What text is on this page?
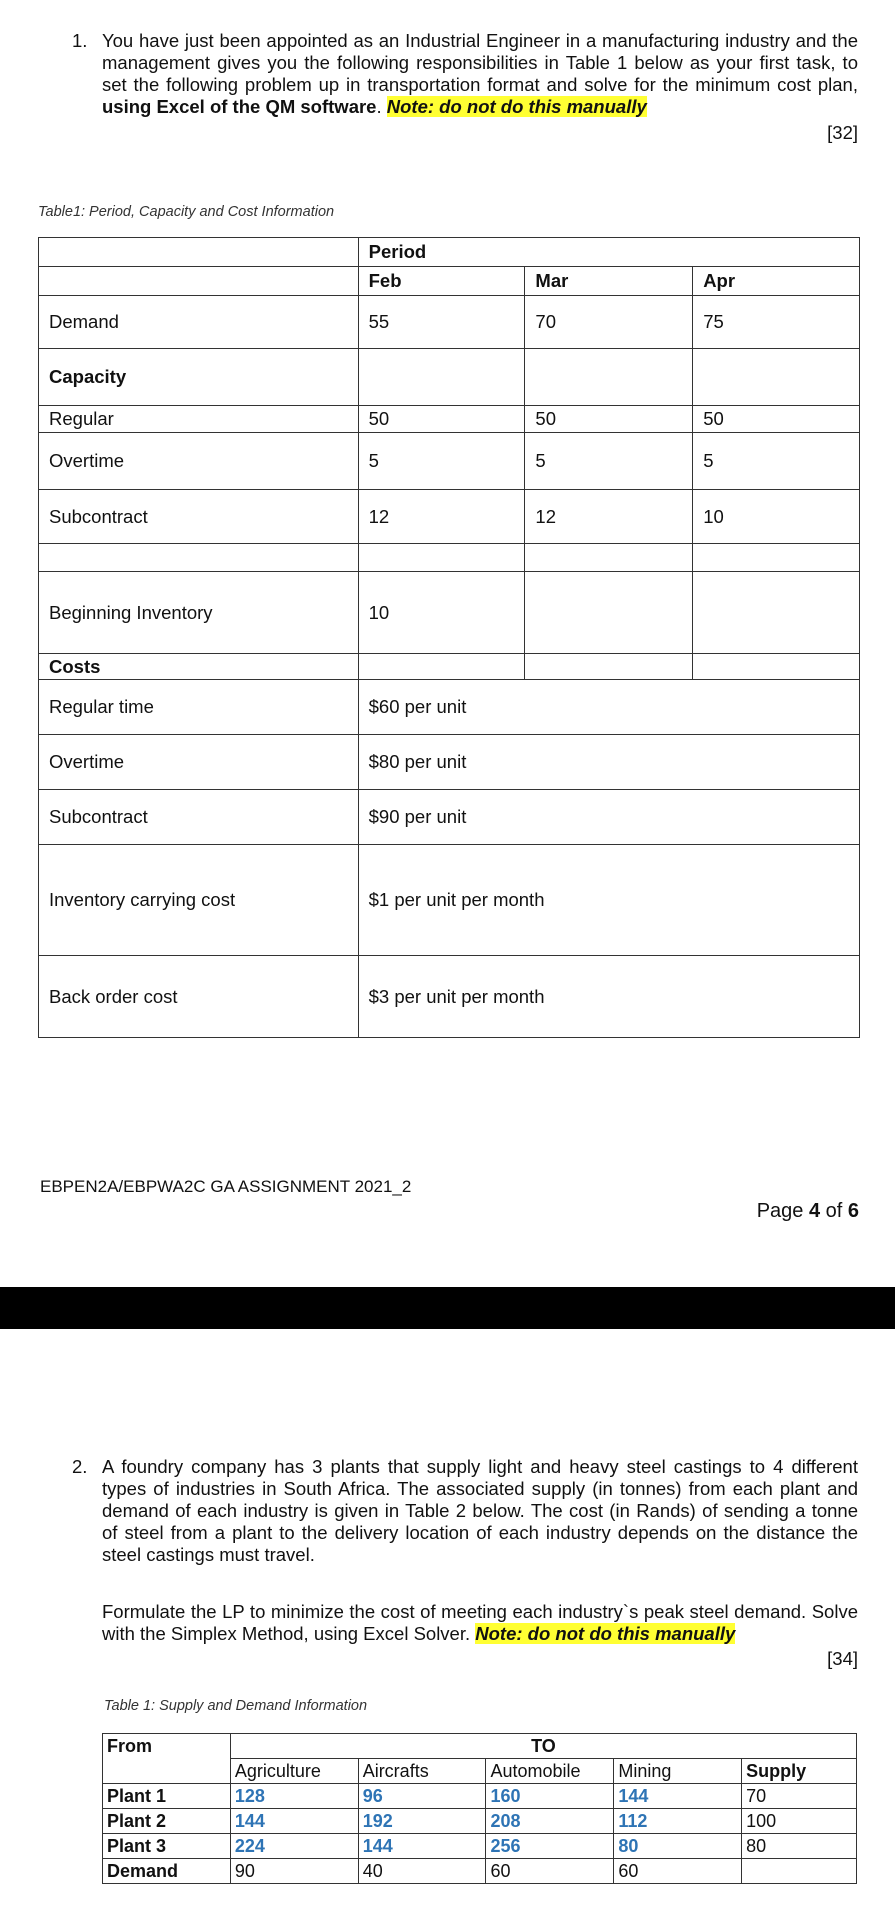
1. You have just been appointed as an Industrial Engineer in a manufacturing industry and the management gives you the following responsibilities in Table 1 below as your first task, to set the following problem up in transportation format and solve for the minimum cost plan, using Excel of the QM software. Note: do not do this manually
[32]
Table1: Period, Capacity and Cost Information
	Period		
	Feb	Mar	Apr
Demand	55	70	75
Capacity			
Regular	50	50	50
Overtime	5	5	5
Subcontract	12	12	10

Beginning Inventory	10		
Costs			
Regular time	$60 per unit		
Overtime	$80 per unit		
Subcontract	$90 per unit		
Inventory carrying cost	$1 per unit per month		
Back order cost	$3 per unit per month		
EBPEN2A/EBPWA2C GA ASSIGNMENT 2021_2
Page 4 of 6
2. A foundry company has 3 plants that supply light and heavy steel castings to 4 different types of industries in South Africa. The associated supply (in tonnes) from each plant and demand of each industry is given in Table 2 below. The cost (in Rands) of sending a tonne of steel from a plant to the delivery location of each industry depends on the distance the steel castings must travel.
Formulate the LP to minimize the cost of meeting each industry`s peak steel demand. Solve with the Simplex Method, using Excel Solver. Note: do not do this manually
[34]
Table 1: Supply and Demand Information
From	TO				
	Agriculture	Aircrafts	Automobile	Mining	Supply
Plant 1	128	96	160	144	70
Plant 2	144	192	208	112	100
Plant 3	224	144	256	80	80
Demand	90	40	60	60	
